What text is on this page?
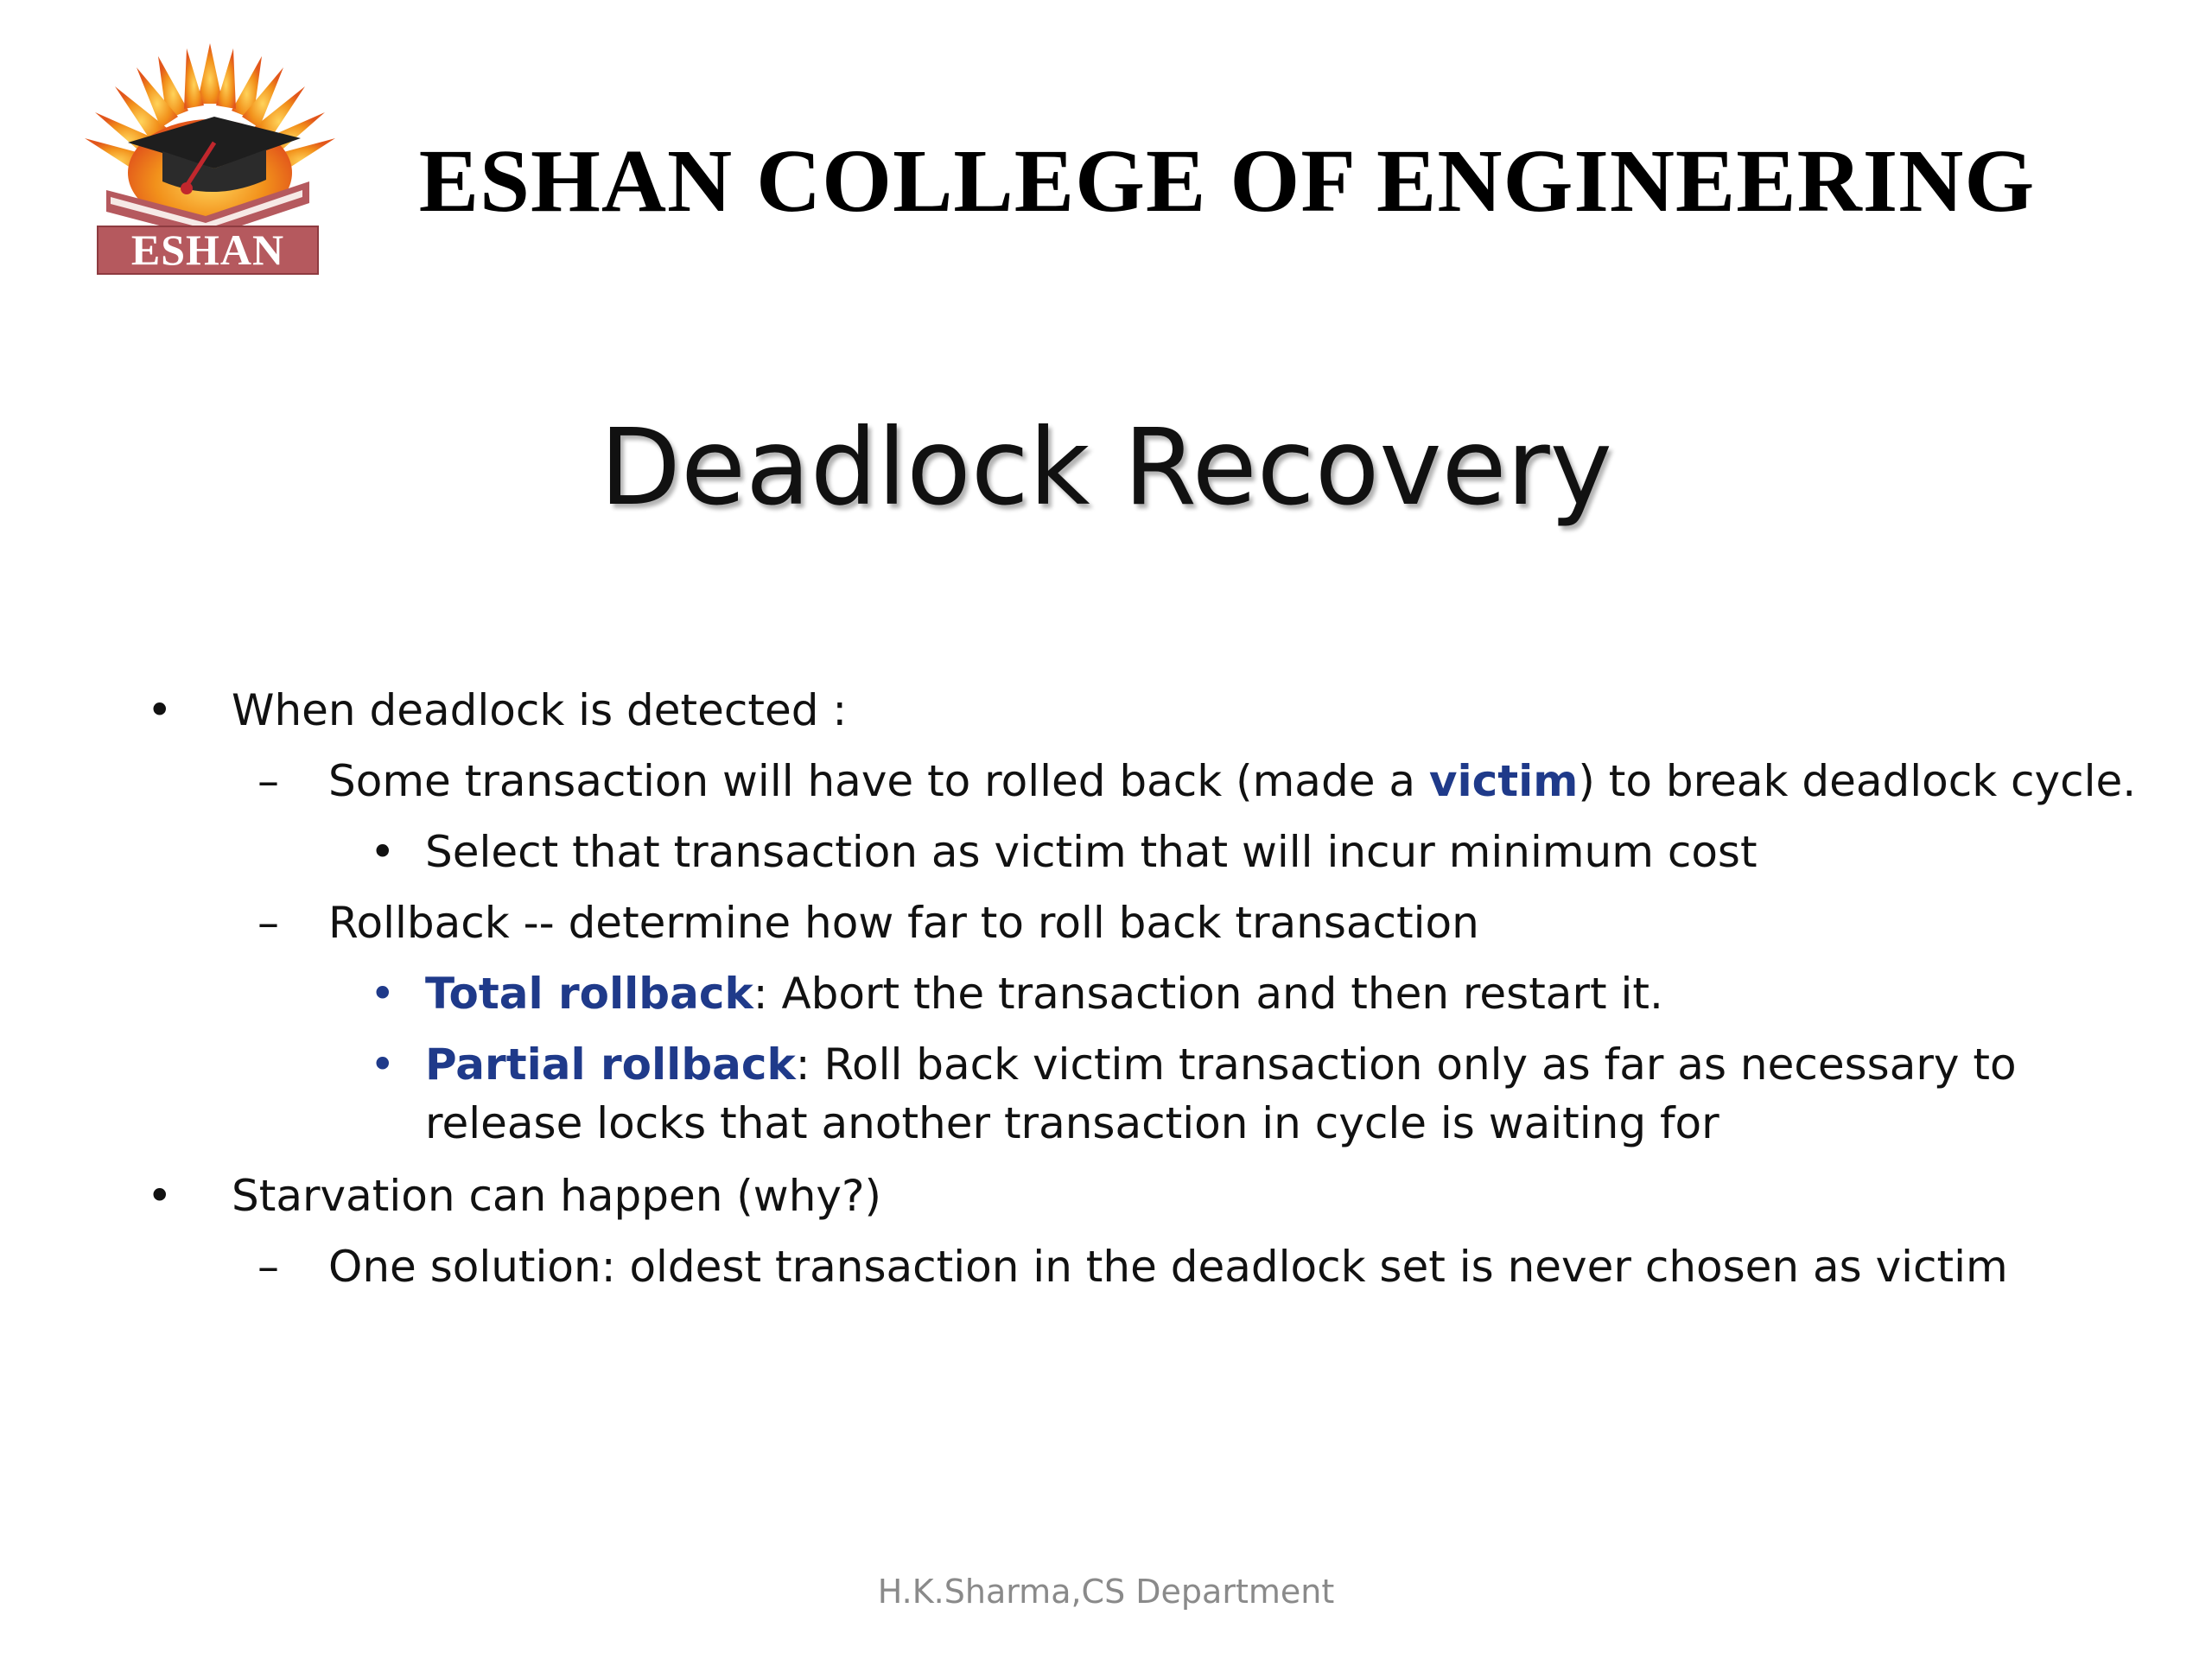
ESHAN
ESHAN COLLEGE OF ENGINEERING
Deadlock Recovery
• When deadlock is detected :
– Some transaction will have to rolled back (made a victim) to break deadlock cycle.
• Select that transaction as victim that will incur minimum cost
– Rollback -- determine how far to roll back transaction
• Total rollback: Abort the transaction and then restart it.
• Partial rollback: Roll back victim transaction only as far as necessary to
release locks that another transaction in cycle is waiting for
• Starvation can happen (why?)
– One solution: oldest transaction in the deadlock set is never chosen as victim
H.K.Sharma,CS Department
